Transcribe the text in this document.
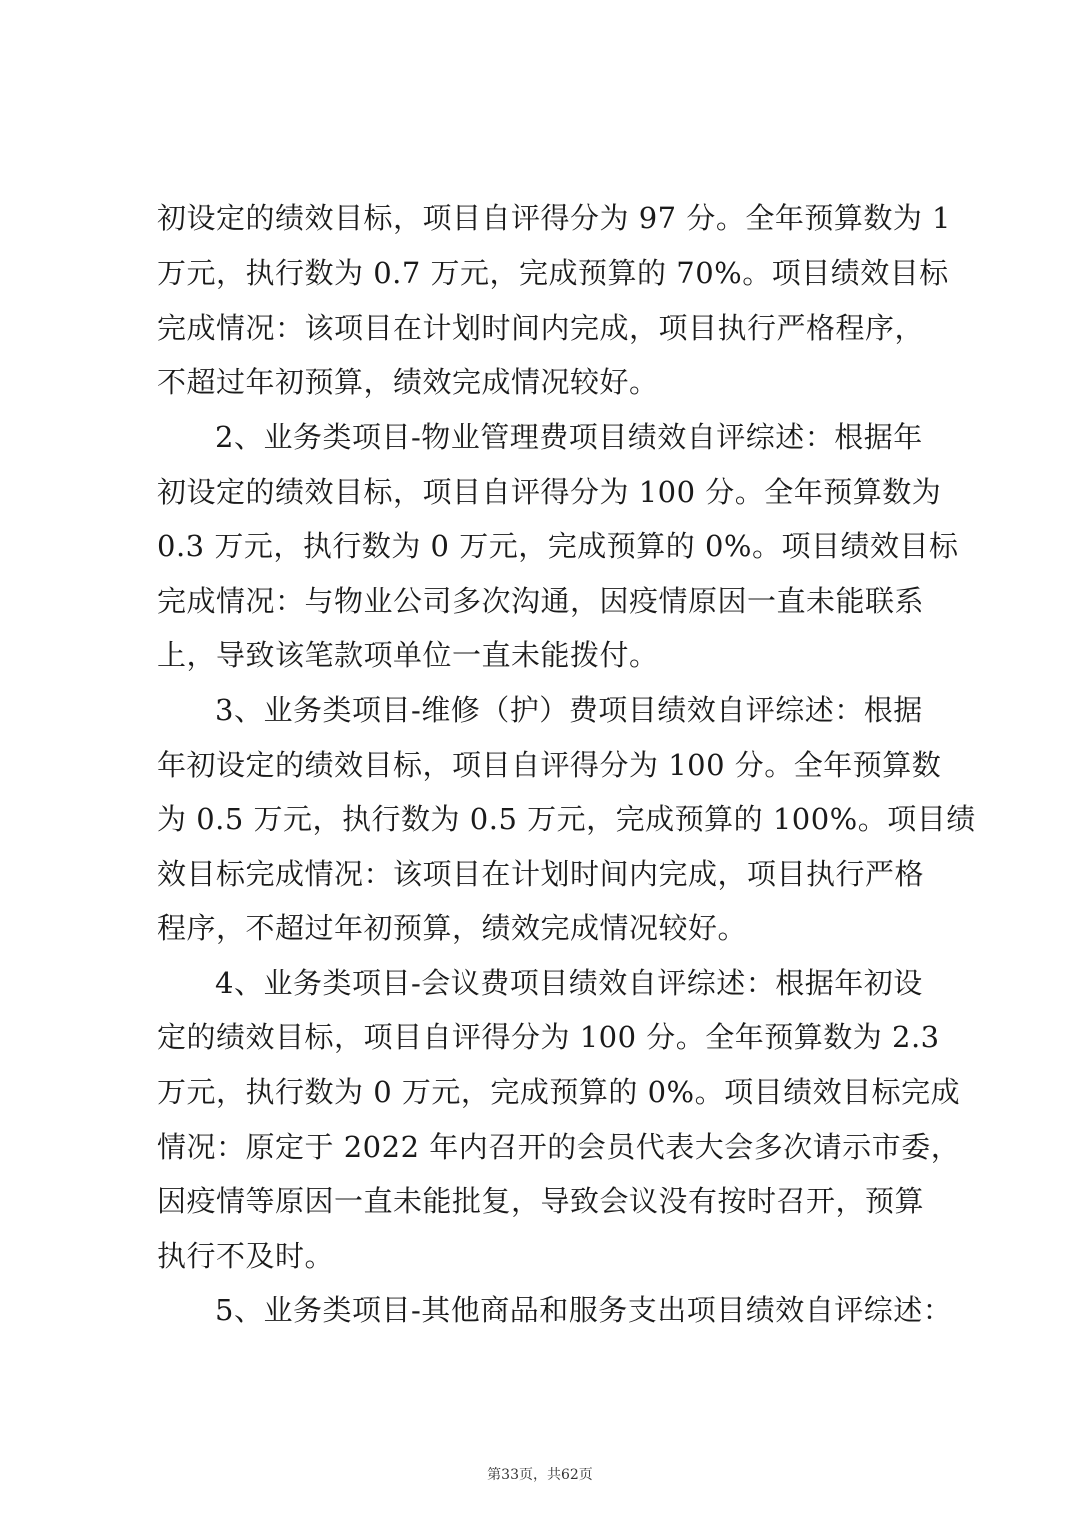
初设定的绩效目标，项目自评得分为 97 分。全年预算数为 1
万元，执行数为 0.7 万元，完成预算的 70%。项目绩效目标
完成情况：该项目在计划时间内完成，项目执行严格程序，
不超过年初预算，绩效完成情况较好。
2、业务类项目-物业管理费项目绩效自评综述：根据年
初设定的绩效目标，项目自评得分为 100 分。全年预算数为
0.3 万元，执行数为 0 万元，完成预算的 0%。项目绩效目标
完成情况：与物业公司多次沟通，因疫情原因一直未能联系
上，导致该笔款项单位一直未能拨付。
3、业务类项目-维修（护）费项目绩效自评综述：根据
年初设定的绩效目标，项目自评得分为 100 分。全年预算数
为 0.5 万元，执行数为 0.5 万元，完成预算的 100%。项目绩
效目标完成情况：该项目在计划时间内完成，项目执行严格
程序，不超过年初预算，绩效完成情况较好。
4、业务类项目-会议费项目绩效自评综述：根据年初设
定的绩效目标，项目自评得分为 100 分。全年预算数为 2.3
万元，执行数为 0 万元，完成预算的 0%。项目绩效目标完成
情况：原定于 2022 年内召开的会员代表大会多次请示市委，
因疫情等原因一直未能批复，导致会议没有按时召开，预算
执行不及时。
5、业务类项目-其他商品和服务支出项目绩效自评综述：
第33页，共62页
